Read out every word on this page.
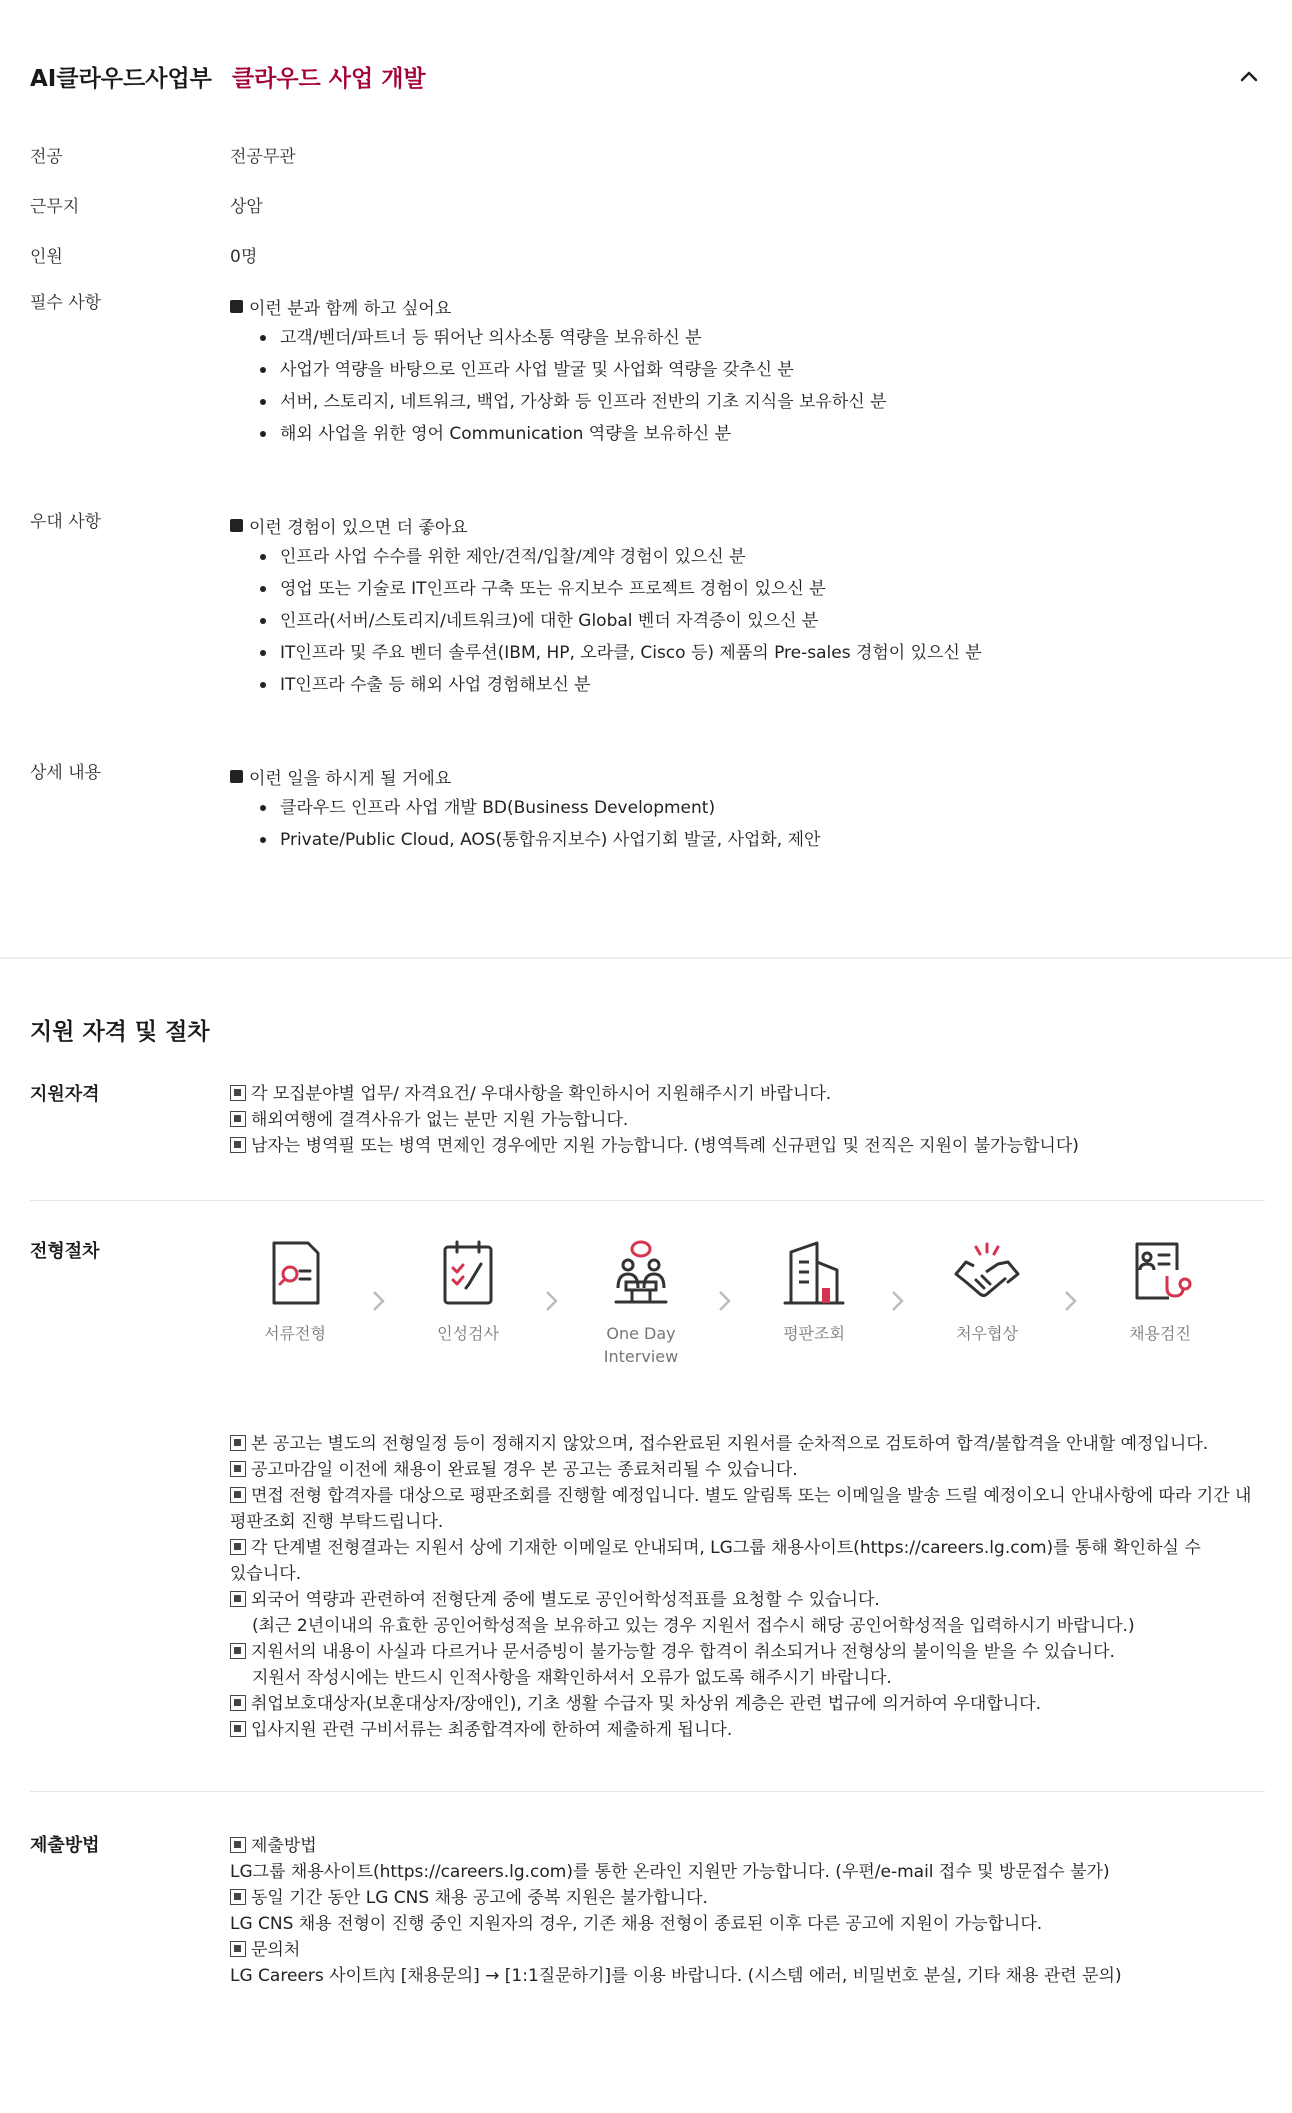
AI클라우드사업부 클라우드 사업 개발
전공	전공무관
근무지	상암
인원	0명
필수 사항	이런 분과 함께 하고 싶어요
고객/벤더/파트너 등 뛰어난 의사소통 역량을 보유하신 분
사업가 역량을 바탕으로 인프라 사업 발굴 및 사업화 역량을 갖추신 분
서버, 스토리지, 네트워크, 백업, 가상화 등 인프라 전반의 기초 지식을 보유하신 분
해외 사업을 위한 영어 Communication 역량을 보유하신 분
우대 사항	이런 경험이 있으면 더 좋아요
인프라 사업 수수를 위한 제안/견적/입찰/계약 경험이 있으신 분
영업 또는 기술로 IT인프라 구축 또는 유지보수 프로젝트 경험이 있으신 분
인프라(서버/스토리지/네트워크)에 대한 Global 벤더 자격증이 있으신 분
IT인프라 및 주요 벤더 솔루션(IBM, HP, 오라클, Cisco 등) 제품의 Pre-sales 경험이 있으신 분
IT인프라 수출 등 해외 사업 경험해보신 분
상세 내용	이런 일을 하시게 될 거에요
클라우드 인프라 사업 개발 BD(Business Development)
Private/Public Cloud, AOS(통합유지보수) 사업기회 발굴, 사업화, 제안
지원 자격 및 절차
지원자격	각 모집분야별 업무/ 자격요건/ 우대사항을 확인하시어 지원해주시기 바랍니다.
해외여행에 결격사유가 없는 분만 지원 가능합니다.
남자는 병역필 또는 병역 면제인 경우에만 지원 가능합니다. (병역특례 신규편입 및 전직은 지원이 불가능합니다)
전형절차
서류전형	인성검사	One Day
Interview
평판조회	처우협상	채용검진
본 공고는 별도의 전형일정 등이 정해지지 않았으며, 접수완료된 지원서를 순차적으로 검토하여 합격/불합격을 안내할 예정입니다.
공고마감일 이전에 채용이 완료될 경우 본 공고는 종료처리될 수 있습니다.
면접 전형 합격자를 대상으로 평판조회를 진행할 예정입니다. 별도 알림톡 또는 이메일을 발송 드릴 예정이오니 안내사항에 따라 기간 내
평판조회 진행 부탁드립니다.
각 단계별 전형결과는 지원서 상에 기재한 이메일로 안내되며, LG그룹 채용사이트(https://careers.lg.com)를 통해 확인하실 수
있습니다.
외국어 역량과 관련하여 전형단계 중에 별도로 공인어학성적표를 요청할 수 있습니다.
(최근 2년이내의 유효한 공인어학성적을 보유하고 있는 경우 지원서 접수시 해당 공인어학성적을 입력하시기 바랍니다.)
지원서의 내용이 사실과 다르거나 문서증빙이 불가능할 경우 합격이 취소되거나 전형상의 불이익을 받을 수 있습니다.
지원서 작성시에는 반드시 인적사항을 재확인하셔서 오류가 없도록 해주시기 바랍니다.
취업보호대상자(보훈대상자/장애인), 기초 생활 수급자 및 차상위 계층은 관련 법규에 의거하여 우대합니다.
입사지원 관련 구비서류는 최종합격자에 한하여 제출하게 됩니다.
제출방법	제출방법
LG그룹 채용사이트(https://careers.lg.com)를 통한 온라인 지원만 가능합니다. (우편/e-mail 접수 및 방문접수 불가)
동일 기간 동안 LG CNS 채용 공고에 중복 지원은 불가합니다.
LG CNS 채용 전형이 진행 중인 지원자의 경우, 기존 채용 전형이 종료된 이후 다른 공고에 지원이 가능합니다.
문의처
LG Careers 사이트內 [채용문의] → [1:1질문하기]를 이용 바랍니다. (시스템 에러, 비밀번호 분실, 기타 채용 관련 문의)
